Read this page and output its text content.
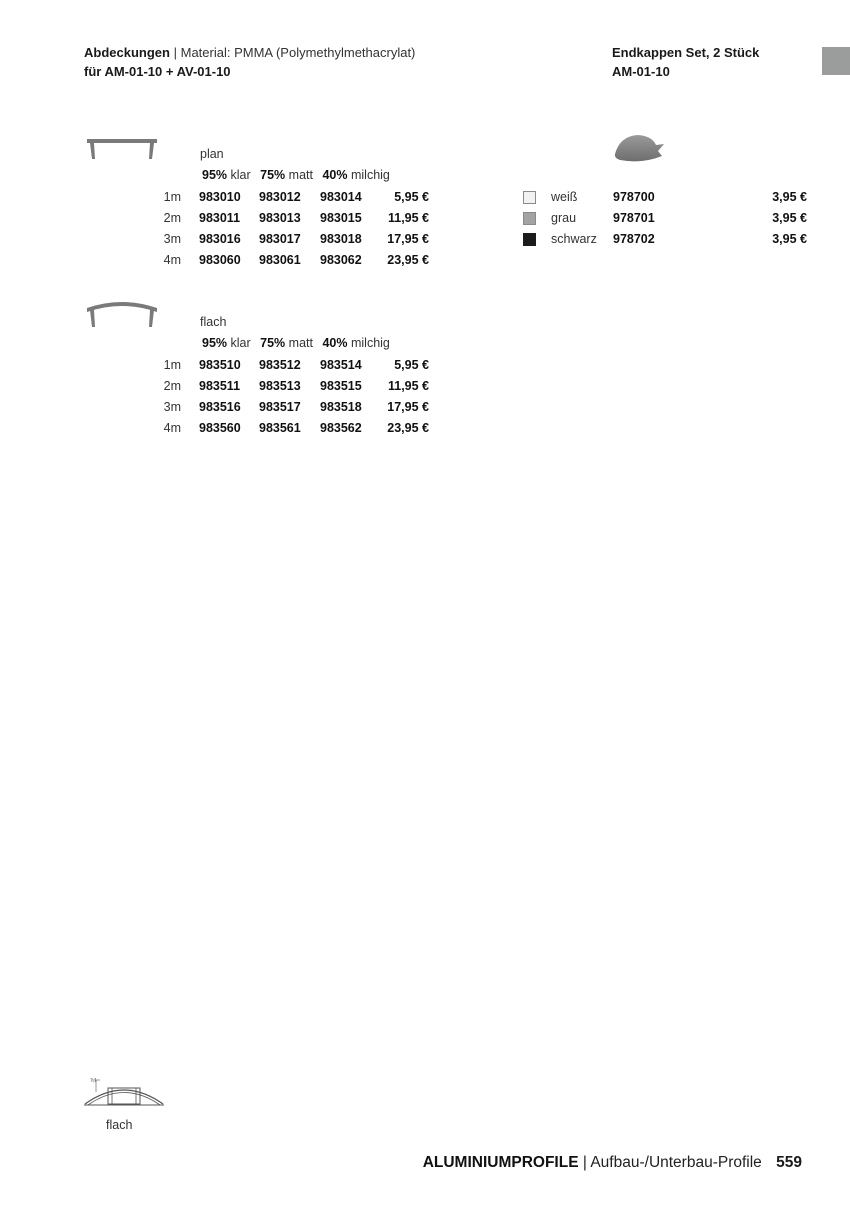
Abdeckungen | Material: PMMA (Polymethylmethacrylat)
für AM-01-10 + AV-01-10
Endkappen Set, 2 Stück
AM-01-10
plan
95% klar 75% matt 40% milchig
1m	983010	983012	983014	5,95 €
2m	983011	983013	983015	11,95 €
3m	983016	983017	983018	17,95 €
4m	983060	983061	983062	23,95 €
flach
95% klar 75% matt 40% milchig
1m	983510	983512	983514	5,95 €
2m	983511	983513	983515	11,95 €
3m	983516	983517	983518	17,95 €
4m	983560	983561	983562	23,95 €
	weiß	978700	3,95 €
	grau	978701	3,95 €
	schwarz	978702	3,95 €
7,1
flach
ALUMINIUMPROFILE | Aufbau-/Unterbau-Profile 559
